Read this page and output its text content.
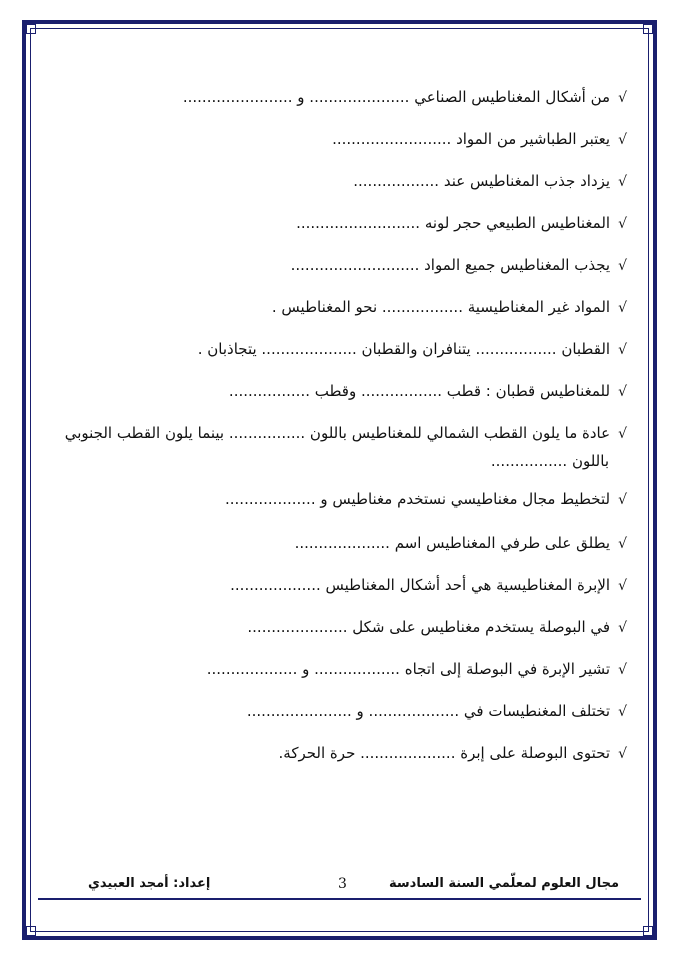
√من أشكال المغناطيس الصناعي ..................... و .......................
√يعتبر الطباشير من المواد .........................
√يزداد جذب المغناطيس عند ..................
√المغناطيس الطبيعي حجر لونه ..........................
√يجذب المغناطيس جميع المواد ...........................
√المواد غير المغناطيسية ................. نحو المغناطيس .
√القطبان ................. يتنافران والقطبان .................... يتجاذبان .
√للمغناطيس قطبان : قطب ................. وقطب .................
√عادة ما يلون القطب الشمالي للمغناطيس باللون ................ بينما يلون القطب الجنوبي
باللون ................
√لتخطيط مجال مغناطيسي نستخدم مغناطيس و ...................
√يطلق على طرفي المغناطيس اسم ....................
√الإبرة المغناطيسية هي أحد أشكال المغناطيس ...................
√في البوصلة يستخدم مغناطيس على شكل .....................
√تشير الإبرة في البوصلة إلى اتجاه .................. و ...................
√تختلف المغنطيسات في ................... و ......................
√تحتوى البوصلة على إبرة .................... حرة الحركة.
مجال العلوم لمعلّمي السنة السادسة
3
إعداد: أمجد العبيدي
